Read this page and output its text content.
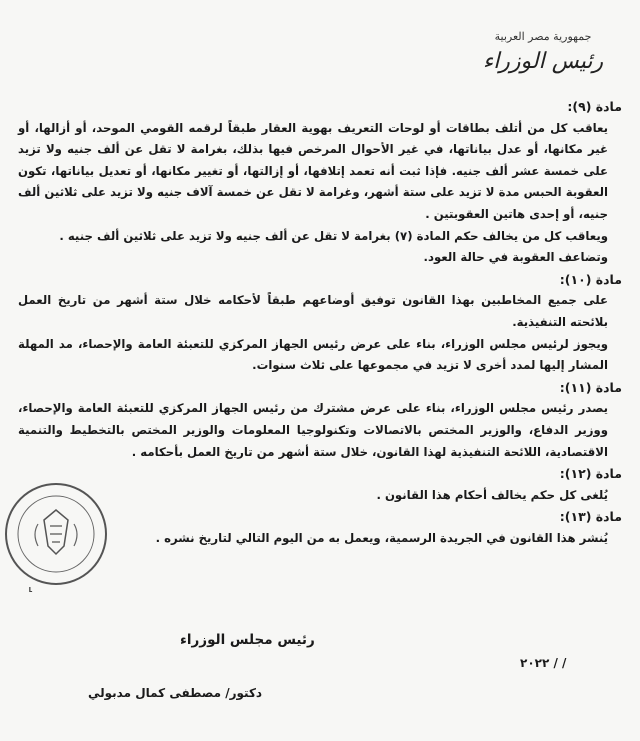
جمهورية مصر العربية
رئيس الوزراء
مادة (٩):

يعاقب كل من أتلف بطاقات أو لوحات التعريف بهوية العقار طبقاً لرقمه القومي الموحد، أو أزالها، أو غير مكانها، أو عدل بياناتها، في غير الأحوال المرخص فيها بذلك، بغرامة لا تقل عن ألف جنيه ولا تزيد على خمسة عشر ألف جنيه. فإذا ثبت أنه تعمد إتلافها، أو إزالتها، أو تغيير مكانها، أو تعديل بياناتها، تكون العقوبة الحبس مدة لا تزيد على ستة أشهر، وغرامة لا تقل عن خمسة آلاف جنيه ولا تزيد على ثلاثين ألف جنيه، أو إحدى هاتين العقوبتين .

ويعاقب كل من يخالف حكم المادة (٧) بغرامة لا تقل عن ألف جنيه ولا تزيد على ثلاثين ألف جنيه .

وتضاعف العقوبة في حالة العود.

مادة (١٠):

على جميع المخاطبين بهذا القانون توفيق أوضاعهم طبقاً لأحكامه خلال ستة أشهر من تاريخ العمل بلائحته التنفيذية.

ويجوز لرئيس مجلس الوزراء، بناء على عرض رئيس الجهاز المركزي للتعبئة العامة والإحصاء، مد المهلة المشار إليها لمدد أخرى لا تزيد في مجموعها على ثلاث سنوات.

مادة (١١):

يصدر رئيس مجلس الوزراء، بناء على عرض مشترك من رئيس الجهاز المركزي للتعبئة العامة والإحصاء، ووزير الدفاع، والوزير المختص بالاتصالات وتكنولوجيا المعلومات والوزير المختص بالتخطيط والتنمية الاقتصادية، اللائحة التنفيذية لهذا القانون، خلال ستة أشهر من تاريخ العمل بأحكامه .

مادة (١٢):

يُلغى كل حكم يخالف أحكام هذا القانون .

مادة (١٣):

يُنشر هذا القانون في الجريدة الرسمية، ويعمل به من اليوم التالي لتاريخ نشره .

رئيس مجلس الوزراء
/ / ٢٠٢٢
دكتور/ مصطفى كمال مدبولي
⸤
